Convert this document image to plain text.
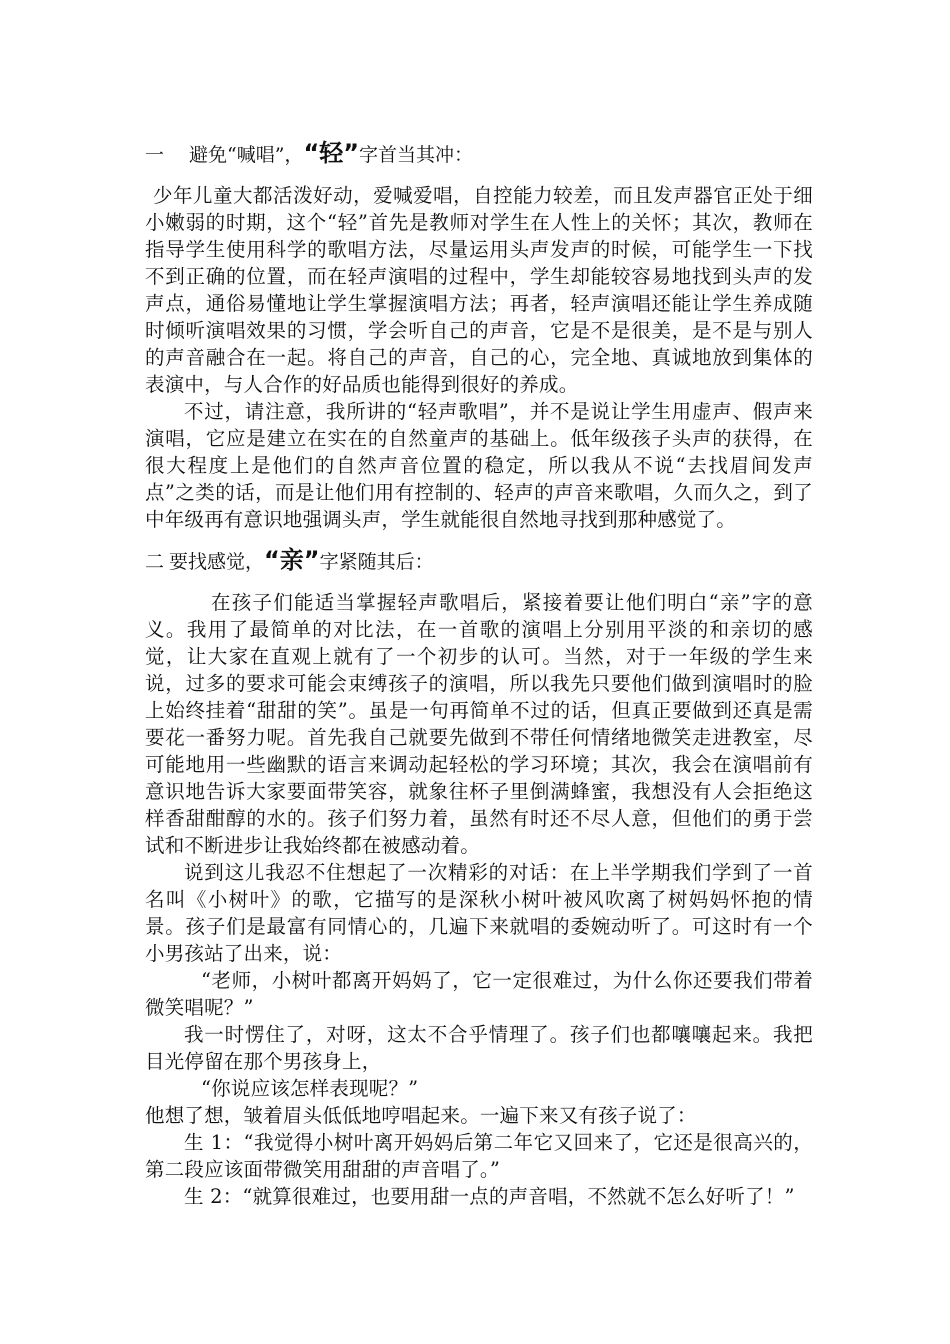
一 避免“喊唱”，“轻”字首当其冲：

少年儿童大都活泼好动，爱喊爱唱，自控能力较差，而且发声器官正处于细小嫩弱的时期，这个“轻”首先是教师对学生在人性上的关怀；其次，教师在指导学生使用科学的歌唱方法，尽量运用头声发声的时候，可能学生一下找不到正确的位置，而在轻声演唱的过程中，学生却能较容易地找到头声的发声点，通俗易懂地让学生掌握演唱方法；再者，轻声演唱还能让学生养成随时倾听演唱效果的习惯，学会听自己的声音，它是不是很美，是不是与别人的声音融合在一起。将自己的声音，自己的心，完全地、真诚地放到集体的表演中，与人合作的好品质也能得到很好的养成。

不过，请注意，我所讲的“轻声歌唱”，并不是说让学生用虚声、假声来演唱，它应是建立在实在的自然童声的基础上。低年级孩子头声的获得，在很大程度上是他们的自然声音位置的稳定，所以我从不说“去找眉间发声点”之类的话，而是让他们用有控制的、轻声的声音来歌唱，久而久之，到了中年级再有意识地强调头声，学生就能很自然地寻找到那种感觉了。

二 要找感觉，“亲”字紧随其后：

在孩子们能适当掌握轻声歌唱后，紧接着要让他们明白“亲”字的意义。我用了最简单的对比法，在一首歌的演唱上分别用平淡的和亲切的感觉，让大家在直观上就有了一个初步的认可。当然，对于一年级的学生来说，过多的要求可能会束缚孩子的演唱，所以我先只要他们做到演唱时的脸上始终挂着“甜甜的笑”。虽是一句再简单不过的话，但真正要做到还真是需要花一番努力呢。首先我自己就要先做到不带任何情绪地微笑走进教室，尽可能地用一些幽默的语言来调动起轻松的学习环境；其次，我会在演唱前有意识地告诉大家要面带笑容，就象往杯子里倒满蜂蜜，我想没有人会拒绝这样香甜酣醇的水的。孩子们努力着，虽然有时还不尽人意，但他们的勇于尝试和不断进步让我始终都在被感动着。

说到这儿我忍不住想起了一次精彩的对话：在上半学期我们学到了一首名叫《小树叶》的歌，它描写的是深秋小树叶被风吹离了树妈妈怀抱的情景。孩子们是最富有同情心的，几遍下来就唱的委婉动听了。可这时有一个小男孩站了出来，说：

“老师，小树叶都离开妈妈了，它一定很难过，为什么你还要我们带着微笑唱呢？”

我一时愣住了，对呀，这太不合乎情理了。孩子们也都嚷嚷起来。我把目光停留在那个男孩身上，

“你说应该怎样表现呢？”

他想了想，皱着眉头低低地哼唱起来。一遍下来又有孩子说了：

生 1：“我觉得小树叶离开妈妈后第二年它又回来了，它还是很高兴的，第二段应该面带微笑用甜甜的声音唱了。”

生 2：“就算很难过，也要用甜一点的声音唱，不然就不怎么好听了！”
